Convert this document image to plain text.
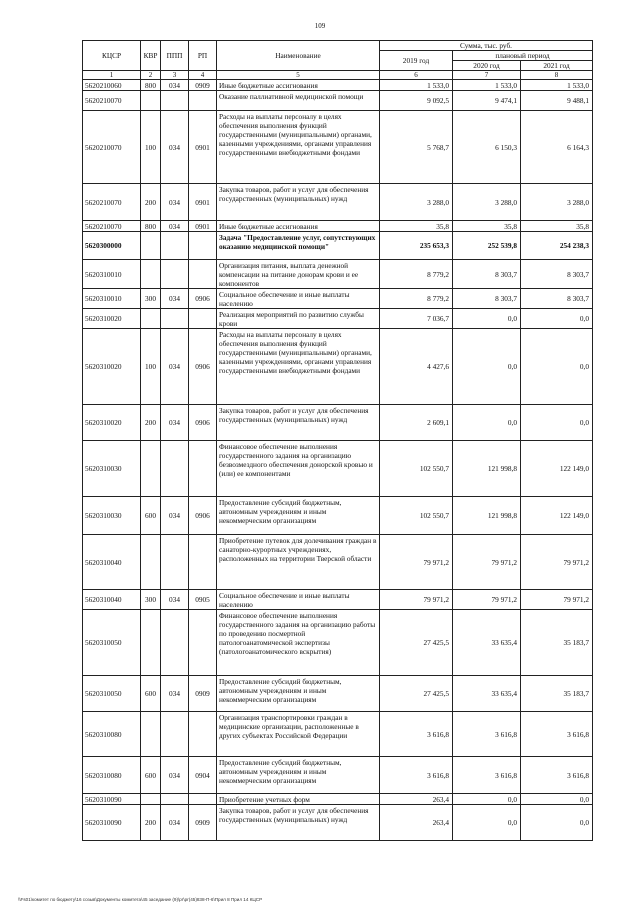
109
КЦСР	КВР	ППП	РП	Наименование	Сумма, тыс. руб.		
					2019 год	плановый период	
						2020 год	2021 год
1	2	3	4	5	6	7	8
5620210060	800	034	0909	Иные бюджетные ассигнования	1 533,0	1 533,0	1 533,0
5620210070				Оказание паллиативной медицинской помощи	9 092,5	9 474,1	9 488,1
5620210070	100	034	0901	Расходы на выплаты персоналу в целях обеспечения выполнения функций государственными (муниципальными) органами, казенными учреждениями, органами управления государственными внебюджетными фондами	5 768,7	6 150,3	6 164,3
5620210070	200	034	0901	Закупка товаров, работ и услуг для обеспечения государственных (муниципальных) нужд	3 288,0	3 288,0	3 288,0
5620210070	800	034	0901	Иные бюджетные ассигнования	35,8	35,8	35,8
5620300000				Задача "Предоставление услуг, сопутствующих оказанию медицинской помощи"	235 653,3	252 539,8	254 238,3
5620310010				Организация питания, выплата денежной компенсации на питание донорам крови и ее компонентов	8 779,2	8 303,7	8 303,7
5620310010	300	034	0906	Социальное обеспечение и иные выплаты населению	8 779,2	8 303,7	8 303,7
5620310020				Реализация мероприятий по развитию службы крови	7 036,7	0,0	0,0
5620310020	100	034	0906	Расходы на выплаты персоналу в целях обеспечения выполнения функций государственными (муниципальными) органами, казенными учреждениями, органами управления государственными внебюджетными фондами	4 427,6	0,0	0,0
5620310020	200	034	0906	Закупка товаров, работ и услуг для обеспечения государственных (муниципальных) нужд	2 609,1	0,0	0,0
5620310030				Финансовое обеспечение выполнения государственного задания на организацию безвозмездного обеспечения донорской кровью и (или) ее компонентами	102 550,7	121 998,8	122 149,0
5620310030	600	034	0906	Предоставление субсидий бюджетным, автономным учреждениям и иным некоммерческим организациям	102 550,7	121 998,8	122 149,0
5620310040				Приобретение путевок для долечивания граждан в санаторно-курортных учреждениях, расположенных на территории Тверской области	79 971,2	79 971,2	79 971,2
5620310040	300	034	0905	Социальное обеспечение и иные выплаты населению	79 971,2	79 971,2	79 971,2
5620310050				Финансовое обеспечение выполнения государственного задания на организацию работы по проведению посмертной патологоанатомической экспертизы (патологоанатомического вскрытия)	27 425,5	33 635,4	35 183,7
5620310050	600	034	0909	Предоставление субсидий бюджетным, автономным учреждениям и иным некоммерческим организациям	27 425,5	33 635,4	35 183,7
5620310080				Организация транспортировки граждан в медицинские организации, расположенные в других субъектах Российской Федерации	3 616,8	3 616,8	3 616,8
5620310080	600	034	0904	Предоставление субсидий бюджетным, автономным учреждениям и иным некоммерческим организациям	3 616,8	3 616,8	3 616,8
5620310090				Приобретение учетных форм	263,4	0,0	0,0
5620310090	200	034	0909	Закупка товаров, работ и услуг для обеспечения государственных (муниципальных) нужд	263,4	0,0	0,0
\\Fs01\комитет по бюджету\16 созыв\Документы комитета\45 заседание (9)\pr\pr(45)838-П-6\Прил 8 Прил 14 КЦСР
